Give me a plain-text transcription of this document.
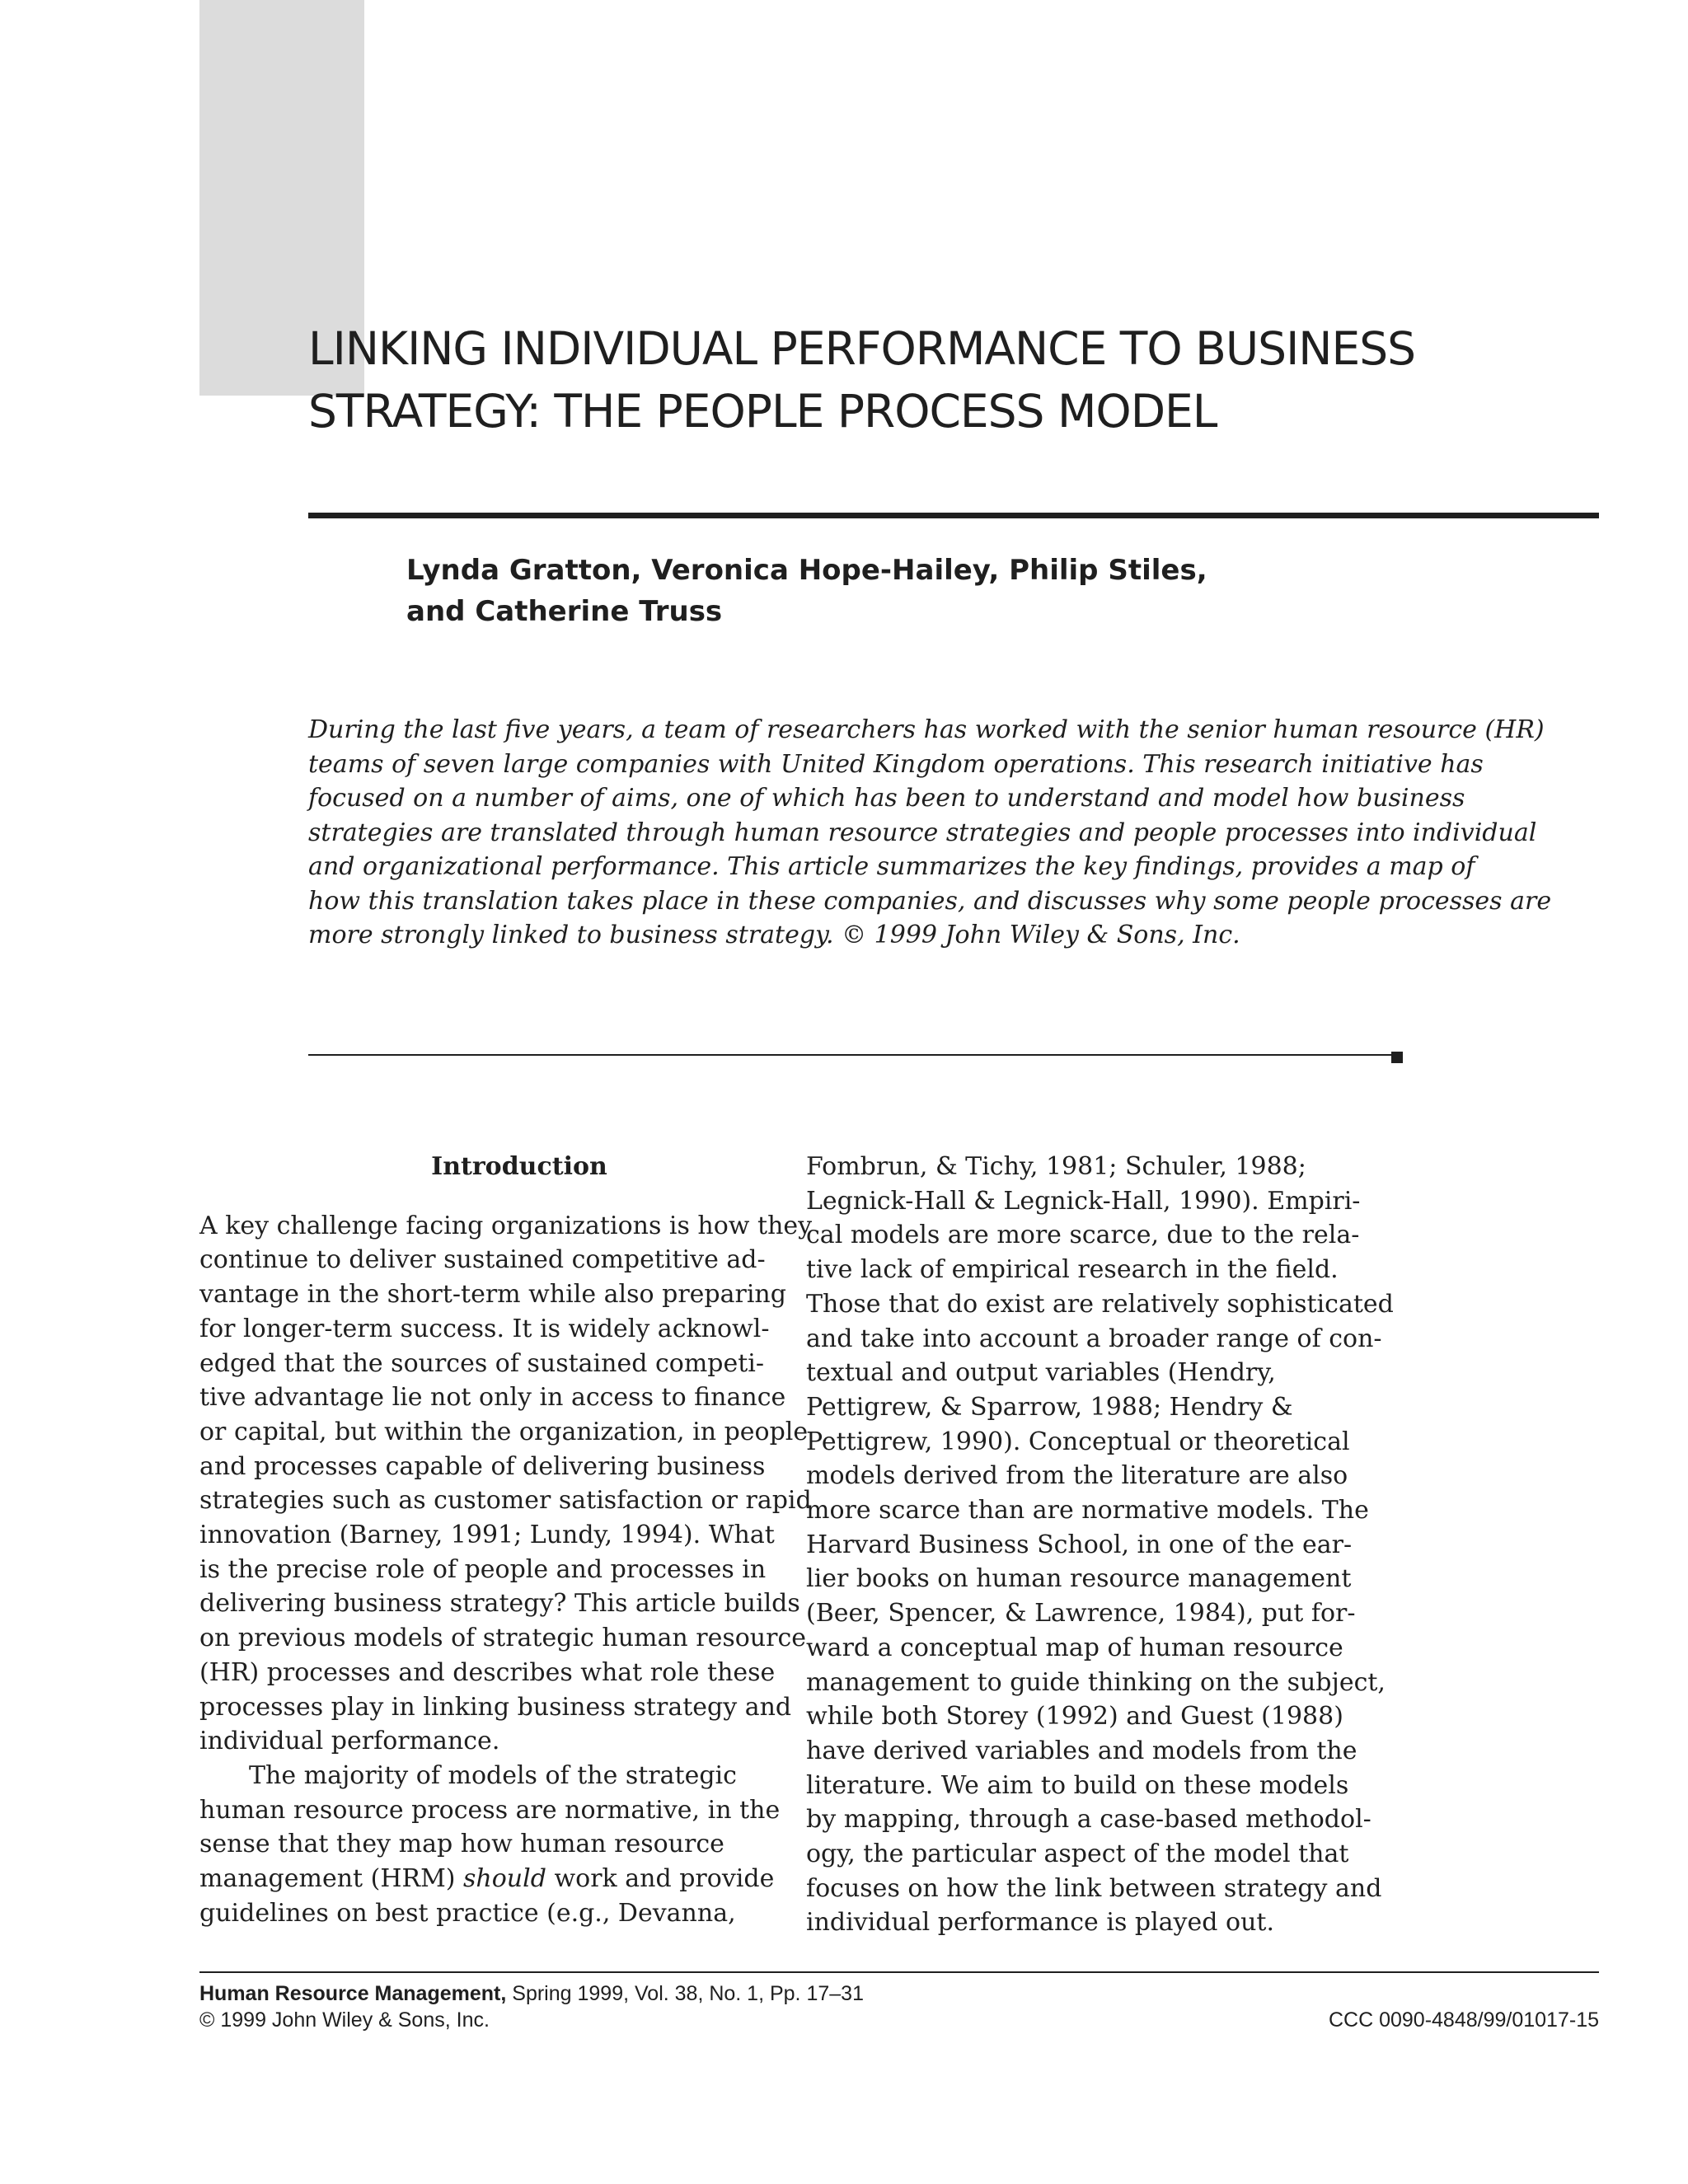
LINKING INDIVIDUAL PERFORMANCE TO BUSINESS
STRATEGY: THE PEOPLE PROCESS MODEL
Lynda Gratton, Veronica Hope-Hailey, Philip Stiles,
and Catherine Truss
During the last five years, a team of researchers has worked with the senior human resource (HR)
teams of seven large companies with United Kingdom operations. This research initiative has
focused on a number of aims, one of which has been to understand and model how business
strategies are translated through human resource strategies and people processes into individual
and organizational performance. This article summarizes the key findings, provides a map of
how this translation takes place in these companies, and discusses why some people processes are
more strongly linked to business strategy. © 1999 John Wiley & Sons, Inc.
Introduction
A key challenge facing organizations is how they
continue to deliver sustained competitive ad-
vantage in the short-term while also preparing
for longer-term success. It is widely acknowl-
edged that the sources of sustained competi-
tive advantage lie not only in access to finance
or capital, but within the organization, in people
and processes capable of delivering business
strategies such as customer satisfaction or rapid
innovation (Barney, 1991; Lundy, 1994). What
is the precise role of people and processes in
delivering business strategy? This article builds
on previous models of strategic human resource
(HR) processes and describes what role these
processes play in linking business strategy and
individual performance.
The majority of models of the strategic
human resource process are normative, in the
sense that they map how human resource
management (HRM) should work and provide
guidelines on best practice (e.g., Devanna,
Fombrun, & Tichy, 1981; Schuler, 1988;
Legnick-Hall & Legnick-Hall, 1990). Empiri-
cal models are more scarce, due to the rela-
tive lack of empirical research in the field.
Those that do exist are relatively sophisticated
and take into account a broader range of con-
textual and output variables (Hendry,
Pettigrew, & Sparrow, 1988; Hendry &
Pettigrew, 1990). Conceptual or theoretical
models derived from the literature are also
more scarce than are normative models. The
Harvard Business School, in one of the ear-
lier books on human resource management
(Beer, Spencer, & Lawrence, 1984), put for-
ward a conceptual map of human resource
management to guide thinking on the subject,
while both Storey (1992) and Guest (1988)
have derived variables and models from the
literature. We aim to build on these models
by mapping, through a case-based methodol-
ogy, the particular aspect of the model that
focuses on how the link between strategy and
individual performance is played out.
Human Resource Management, Spring 1999, Vol. 38, No. 1, Pp. 17–31
© 1999 John Wiley & Sons, Inc.	CCC 0090-4848/99/01017-15
